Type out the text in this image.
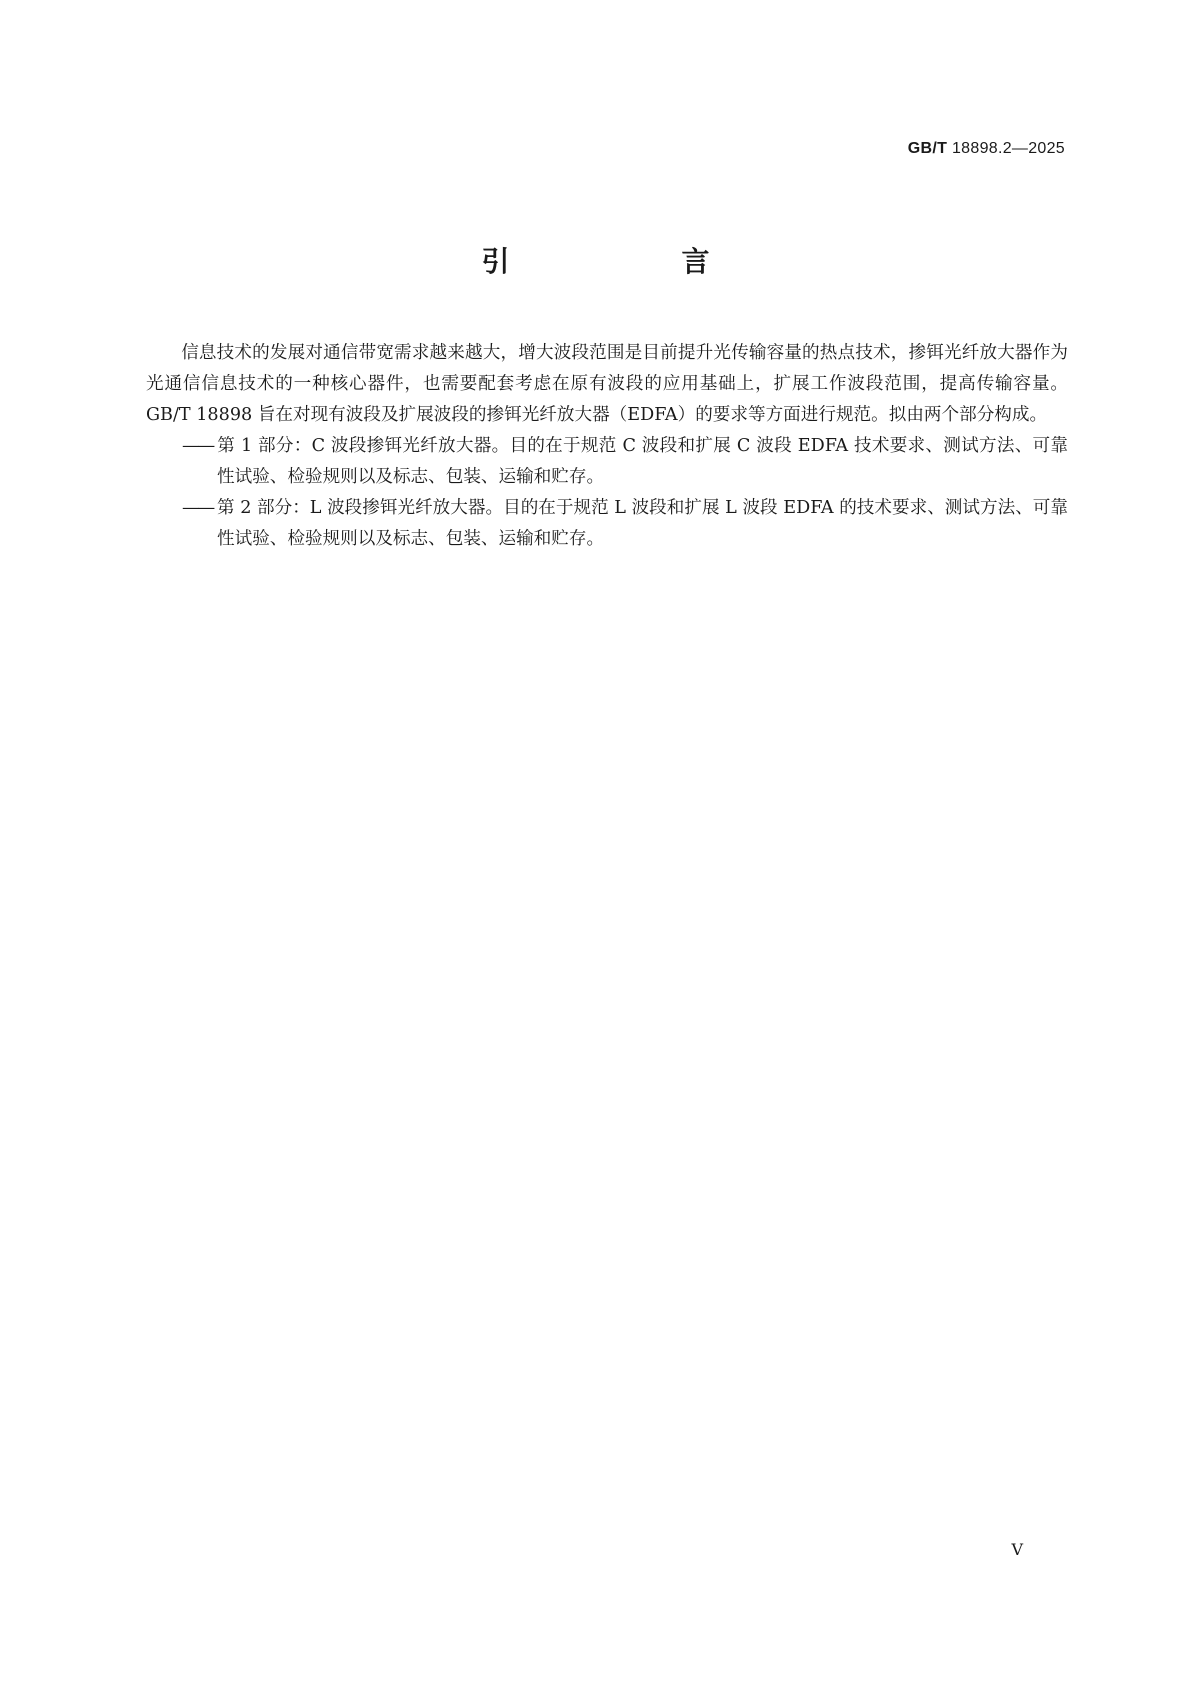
GB/T 18898.2—2025
引　言

信息技术的发展对通信带宽需求越来越大，增大波段范围是目前提升光传输容量的热点技术，掺铒光纤放大器作为光通信信息技术的一种核心器件，也需要配套考虑在原有波段的应用基础上，扩展工作波段范围，提高传输容量。GB/T 18898 旨在对现有波段及扩展波段的掺铒光纤放大器（EDFA）的要求等方面进行规范。拟由两个部分构成。

—— 第 1 部分：C 波段掺铒光纤放大器。目的在于规范 C 波段和扩展 C 波段 EDFA 技术要求、测试方法、可靠性试验、检验规则以及标志、包装、运输和贮存。

—— 第 2 部分：L 波段掺铒光纤放大器。目的在于规范 L 波段和扩展 L 波段 EDFA 的技术要求、测试方法、可靠性试验、检验规则以及标志、包装、运输和贮存。

V
